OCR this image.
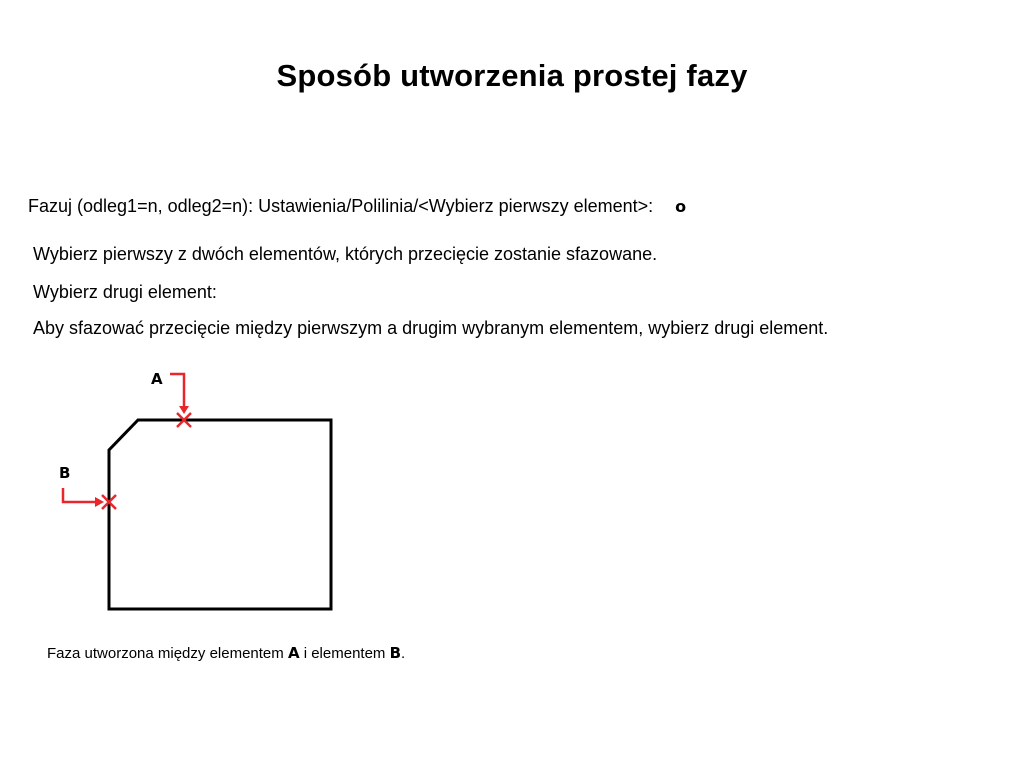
Sposób utworzenia prostej fazy
Fazuj (odleg1=n, odleg2=n): Ustawienia/Polilinia/<Wybierz pierwszy element>: o
Wybierz pierwszy z dwóch elementów, których przecięcie zostanie sfazowane.
Wybierz drugi element:
Aby sfazować przecięcie między pierwszym a drugim wybranym elementem, wybierz drugi element.
A
B
Faza utworzona między elementem A i elementem B.
